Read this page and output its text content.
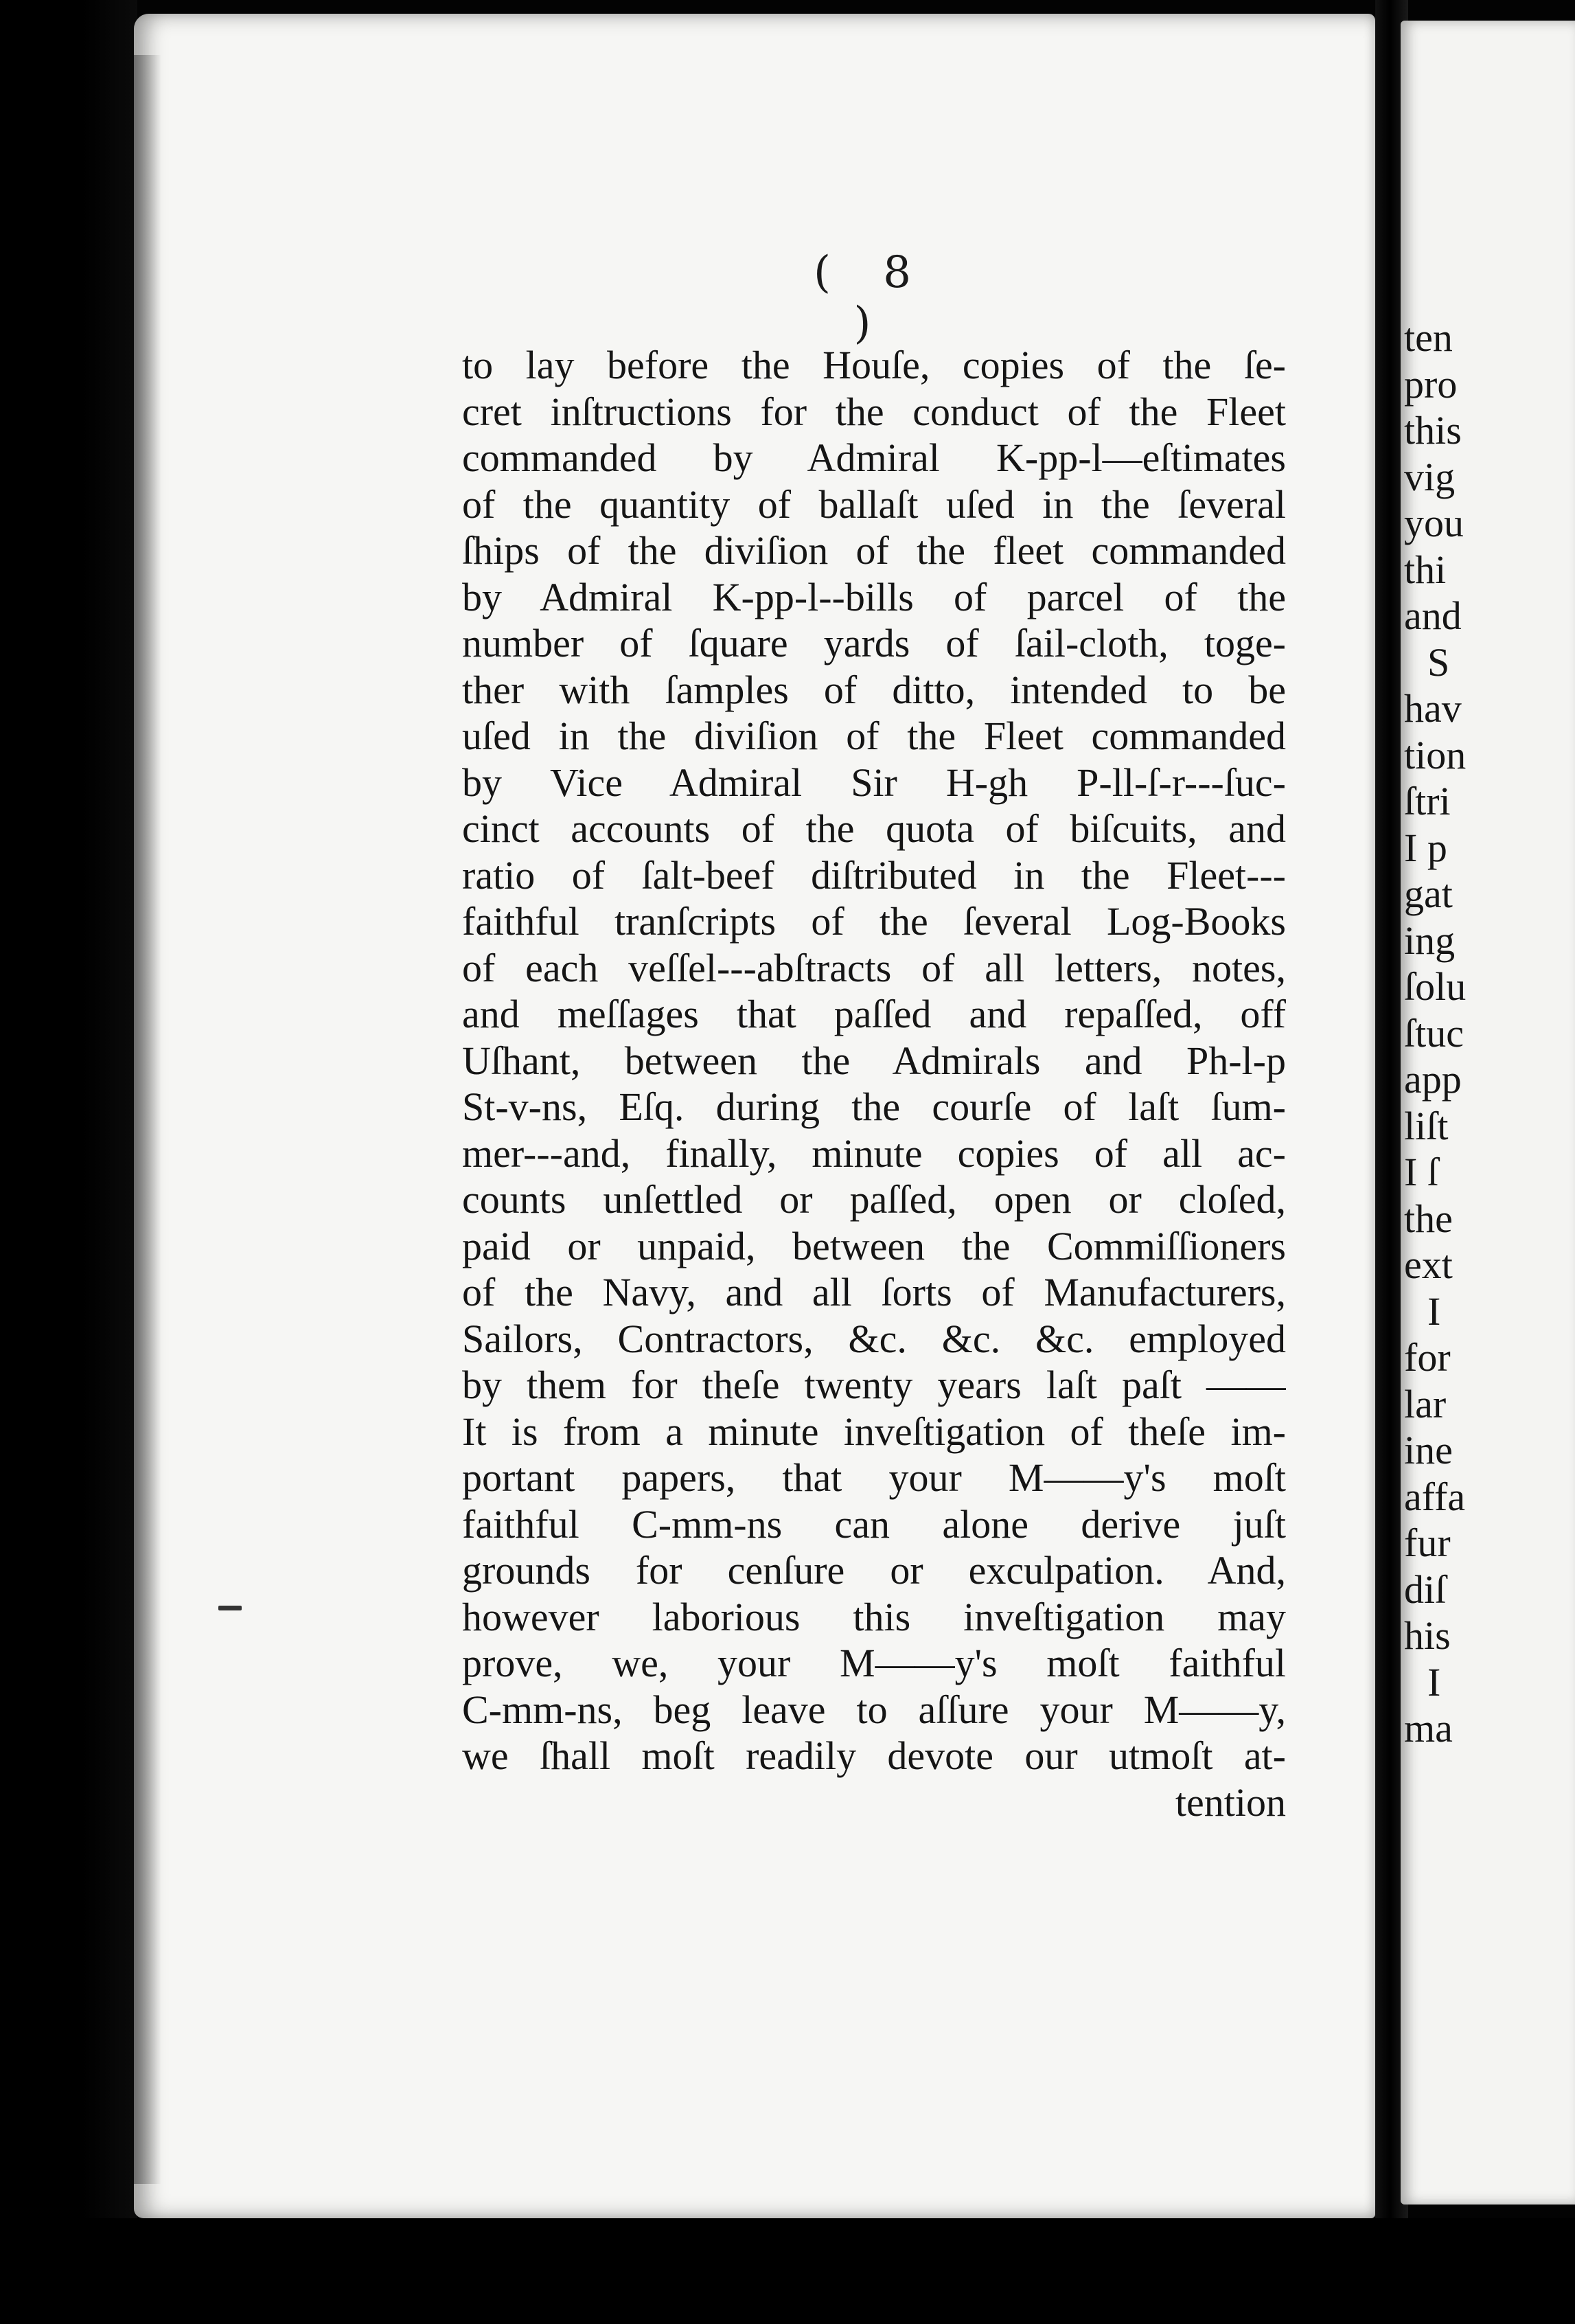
( 8 )
to lay before the Houſe, copies of the ſe-
cret inſtructions for the conduct of the Fleet
commanded by Admiral K-pp-l—eſtimates
of the quantity of ballaſt uſed in the ſeveral
ſhips of the diviſion of the fleet commanded
by Admiral K-pp-l--bills of parcel of the
number of ſquare yards of ſail-cloth, toge-
ther with ſamples of ditto, intended to be
uſed in the diviſion of the Fleet commanded
by Vice Admiral Sir H-gh P-ll-ſ-r---ſuc-
cinct accounts of the quota of biſcuits, and
ratio of ſalt-beef diſtributed in the Fleet---
faithful tranſcripts of the ſeveral Log-Books
of each veſſel---abſtracts of all letters, notes,
and meſſages that paſſed and repaſſed, off
Uſhant, between the Admirals and Ph-l-p
St-v-ns, Eſq. during the courſe of laſt ſum-
mer---and, finally, minute copies of all ac-
counts unſettled or paſſed, open or cloſed,
paid or unpaid, between the Commiſſioners
of the Navy, and all ſorts of Manufacturers,
Sailors, Contractors, &c. &c. &c. employed
by them for theſe twenty years laſt paſt ——
It is from a minute inveſtigation of theſe im-
portant papers, that your M——y's moſt
faithful C-mm-ns can alone derive juſt
grounds for cenſure or exculpation. And,
however laborious this inveſtigation may
prove, we, your M——y's moſt faithful
C-mm-ns, beg leave to aſſure your M——y,
we ſhall moſt readily devote our utmoſt at-
tention
ten
pro
this
vig
you
thi
and
S
hav
tion
ſtri
I p
gat
ing
ſolu
ſtuc
app
liſt
I ſ
the
ext
I
for
lar
ine
affa
fur
diſ
his
I
ma
